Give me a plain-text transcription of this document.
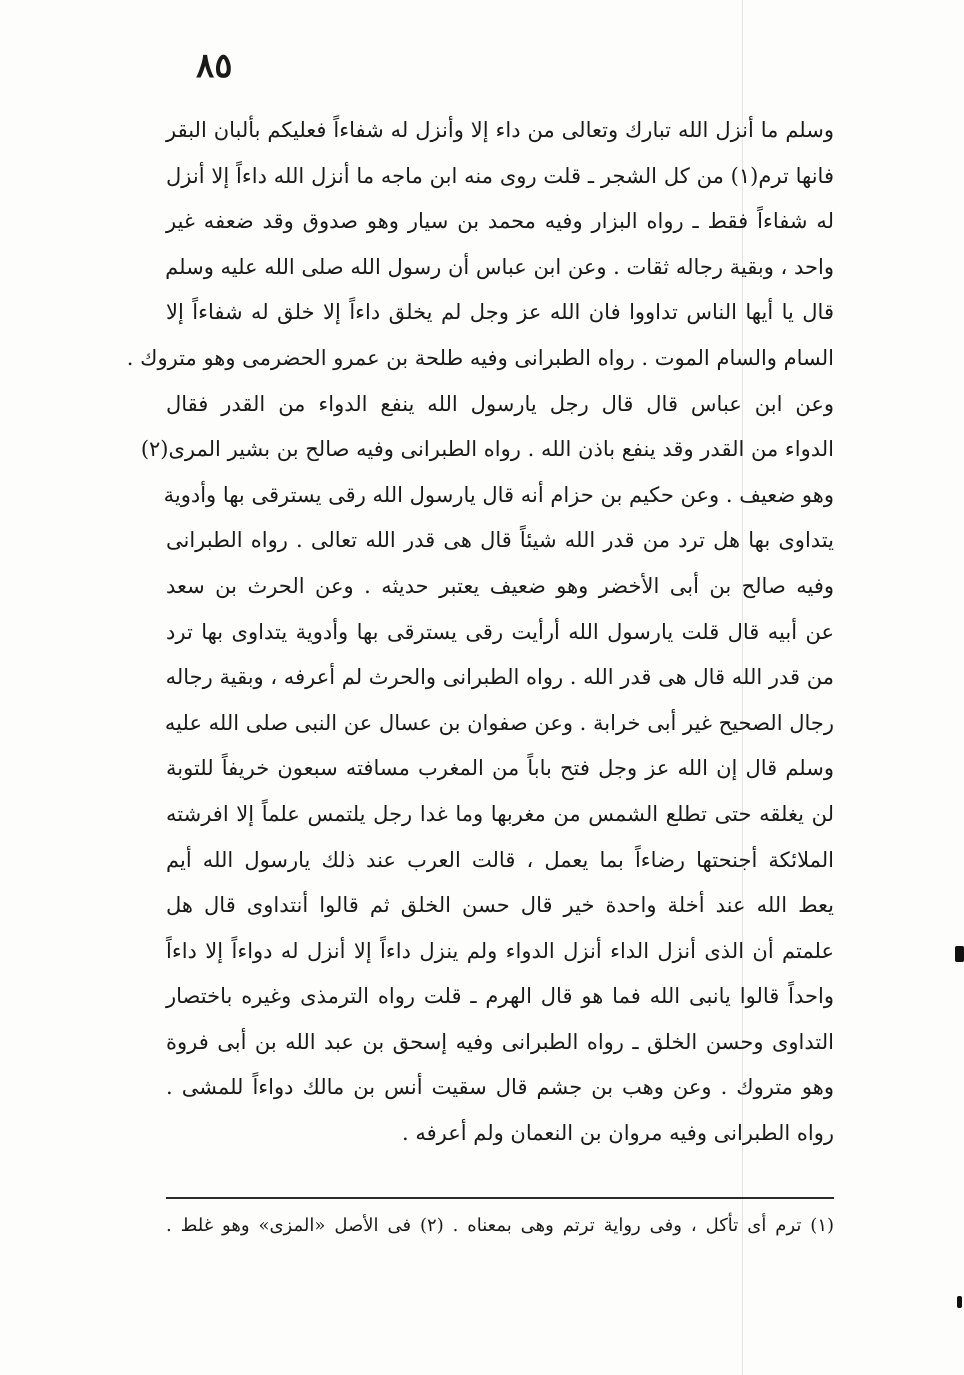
٨٥
وسلم ما أنزل الله تبارك وتعالى من داء إلا وأنزل له شفاءاً فعليكم بألبان البقر
فانها ترم(١) من كل الشجر ـ قلت روى منه ابن ماجه ما أنزل الله داءاً إلا أنزل
له شفاءاً فقط ـ رواه البزار وفيه محمد بن سيار وهو صدوق وقد ضعفه غير
واحد ، وبقية رجاله ثقات . وعن ابن عباس أن رسول الله صلى الله عليه وسلم
قال يا أيها الناس تداووا فان الله عز وجل لم يخلق داءاً إلا خلق له شفاءاً إلا
السام والسام الموت . رواه الطبرانى وفيه طلحة بن عمرو الحضرمى وهو متروك .
وعن ابن عباس قال قال رجل يارسول الله ينفع الدواء من القدر فقال
الدواء من القدر وقد ينفع باذن الله . رواه الطبرانى وفيه صالح بن بشير المرى(٢)
وهو ضعيف . وعن حكيم بن حزام أنه قال يارسول الله رقى يسترقى بها وأدوية
يتداوى بها هل ترد من قدر الله شيئاً قال هى قدر الله تعالى . رواه الطبرانى
وفيه صالح بن أبى الأخضر وهو ضعيف يعتبر حديثه . وعن الحرث بن سعد
عن أبيه قال قلت يارسول الله أرأيت رقى يسترقى بها وأدوية يتداوى بها ترد
من قدر الله قال هى قدر الله . رواه الطبرانى والحرث لم أعرفه ، وبقية رجاله
رجال الصحيح غير أبى خرابة . وعن صفوان بن عسال عن النبى صلى الله عليه
وسلم قال إن الله عز وجل فتح باباً من المغرب مسافته سبعون خريفاً للتوبة
لن يغلقه حتى تطلع الشمس من مغربها وما غدا رجل يلتمس علماً إلا افرشته
الملائكة أجنحتها رضاءاً بما يعمل ، قالت العرب عند ذلك يارسول الله أيم
يعط الله عند أخلة واحدة خير قال حسن الخلق ثم قالوا أنتداوى قال هل
علمتم أن الذى أنزل الداء أنزل الدواء ولم ينزل داءاً إلا أنزل له دواءاً إلا داءاً
واحداً قالوا يانبى الله فما هو قال الهرم ـ قلت رواه الترمذى وغيره باختصار
التداوى وحسن الخلق ـ رواه الطبرانى وفيه إسحق بن عبد الله بن أبى فروة
وهو متروك . وعن وهب بن جشم قال سقيت أنس بن مالك دواءاً للمشى .
رواه الطبرانى وفيه مروان بن النعمان ولم أعرفه .
(١) ترم أى تأكل ، وفى رواية ترتم وهى بمعناه . (٢) فى الأصل «المزى» وهو غلط .
